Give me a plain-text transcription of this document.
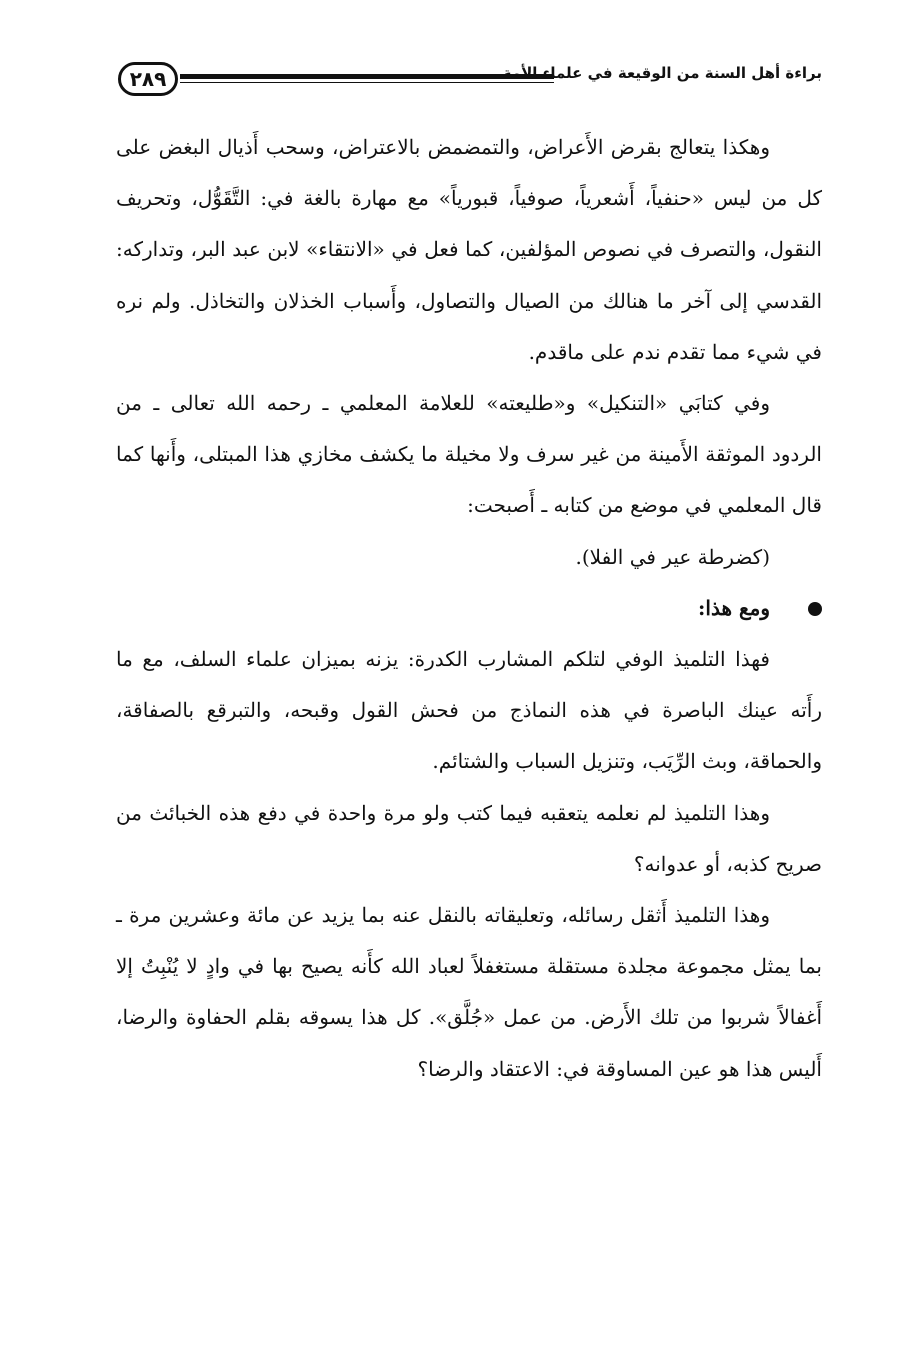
٢٨٩	براءة أهل السنة من الوقيعة في علماء الأمة

وهكذا يتعالج بقرض الأَعراض، والتمضمض بالاعتراض، وسحب أَذيال البغض على كل من ليس «حنفياً، أَشعرياً، صوفياً، قبورياً» مع مهارة بالغة في: التَّقَوُّل، وتحريف النقول، والتصرف في نصوص المؤلفين، كما فعل في «الانتقاء» لابن عبد البر، وتداركه: القدسي إلى آخر ما هنالك من الصيال والتصاول، وأَسباب الخذلان والتخاذل. ولم نره في شيء مما تقدم ندم على ماقدم.

وفي كتابَي «التنكيل» و«طليعته» للعلامة المعلمي ـ رحمه الله تعالى ـ من الردود الموثقة الأَمينة من غير سرف ولا مخيلة ما يكشف مخازي هذا المبتلى، وأَنها كما قال المعلمي في موضع من كتابه ـ أَصبحت:

(كضرطة عير في الفلا).

ومع هذا:

فهذا التلميذ الوفي لتلكم المشارب الكدرة: يزنه بميزان علماء السلف، مع ما رأَته عينك الباصرة في هذه النماذج من فحش القول وقبحه، والتبرقع بالصفاقة، والحماقة، وبث الرِّيَب، وتنزيل السباب والشتائم.

وهذا التلميذ لم نعلمه يتعقبه فيما كتب ولو مرة واحدة في دفع هذه الخبائث من صريح كذبه، أو عدوانه؟

وهذا التلميذ أَثقل رسائله، وتعليقاته بالنقل عنه بما يزيد عن مائة وعشرين مرة ـ بما يمثل مجموعة مجلدة مستقلة مستغفلاً لعباد الله كأَنه يصيح بها في وادٍ لا يُنْبِتُ إلا أَغفالاً شربوا من تلك الأَرض. من عمل «جُلَّق». كل هذا يسوقه بقلم الحفاوة والرضا، أَليس هذا هو عين المساوقة في: الاعتقاد والرضا؟
